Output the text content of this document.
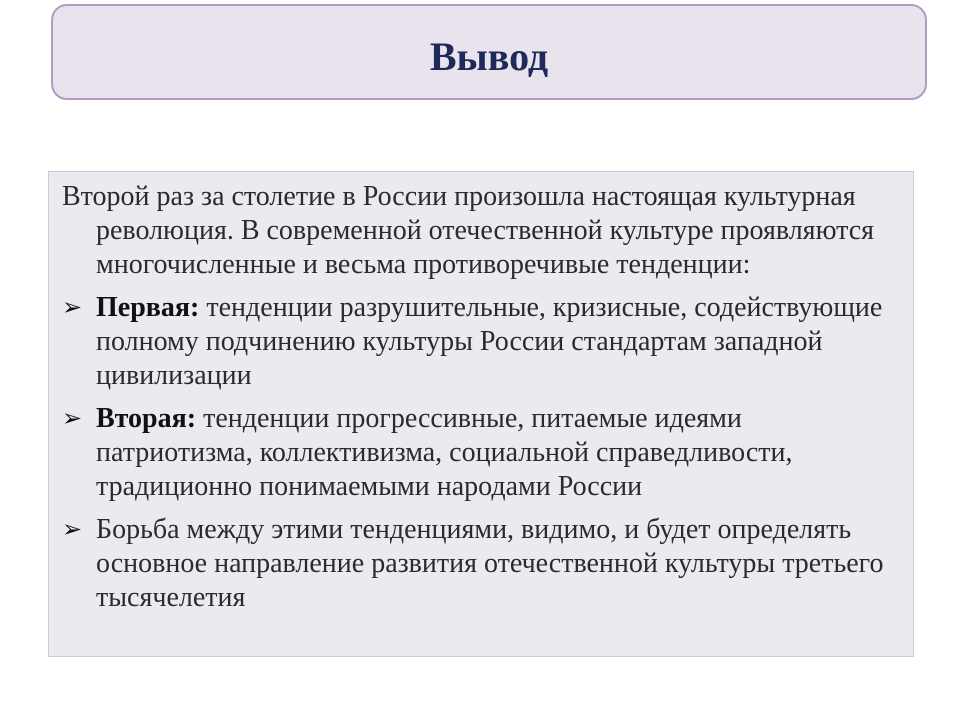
Вывод

Второй раз за столетие в России произошла настоящая культурная революция. В современной отечественной культуре проявляются многочисленные и весьма противоречивые тенденции:

➢ Первая: тенденции разрушительные, кризисные, содействующие полному подчинению культуры России стандартам западной цивилизации

➢ Вторая: тенденции прогрессивные, питаемые идеями патриотизма, коллективизма, социальной справедливости, традиционно понимаемыми народами России

➢ Борьба между этими тенденциями, видимо, и будет определять основное направление развития отечественной культуры третьего тысячелетия
